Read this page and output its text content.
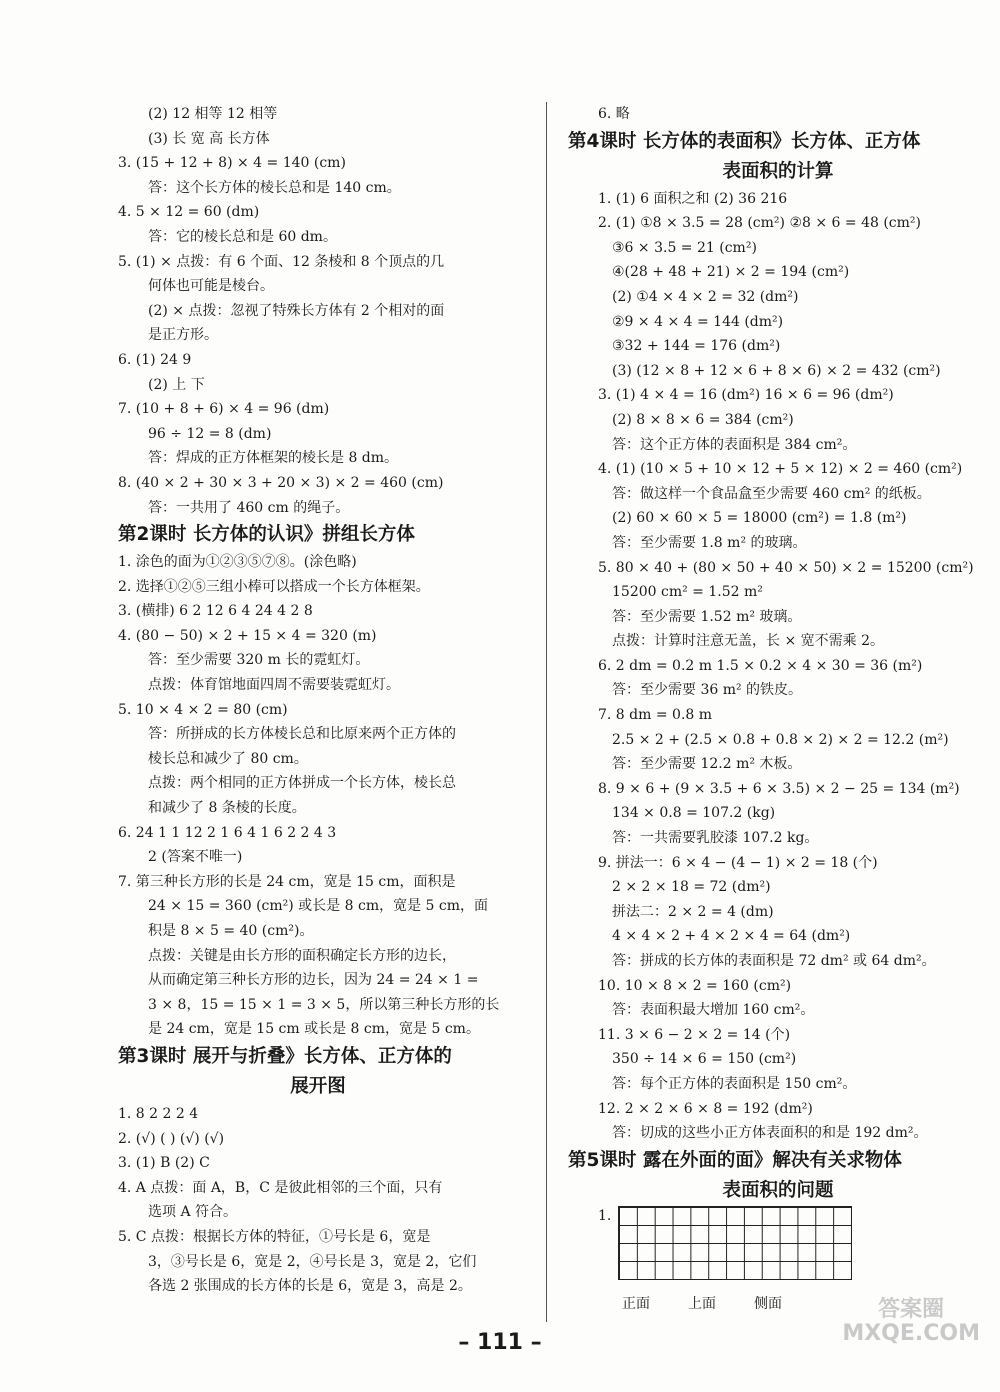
(2) 12 相等 12 相等
(3) 长 宽 高 长方体
3. (15 + 12 + 8) × 4 = 140 (cm)
答：这个长方体的棱长总和是 140 cm。
4. 5 × 12 = 60 (dm)
答：它的棱长总和是 60 dm。
5. (1) × 点拨：有 6 个面、12 条棱和 8 个顶点的几
何体也可能是棱台。
(2) × 点拨：忽视了特殊长方体有 2 个相对的面
是正方形。
6. (1) 24 9
(2) 上 下
7. (10 + 8 + 6) × 4 = 96 (dm)
96 ÷ 12 = 8 (dm)
答：焊成的正方体框架的棱长是 8 dm。
8. (40 × 2 + 30 × 3 + 20 × 3) × 2 = 460 (cm)
答：一共用了 460 cm 的绳子。
第2课时 长方体的认识》拼组长方体
1. 涂色的面为①②③⑤⑦⑧。(涂色略)
2. 选择①②⑤三组小棒可以搭成一个长方体框架。
3. (横排) 6 2 12 6 4 24 4 2 8
4. (80 − 50) × 2 + 15 × 4 = 320 (m)
答：至少需要 320 m 长的霓虹灯。
点拨：体育馆地面四周不需要装霓虹灯。
5. 10 × 4 × 2 = 80 (cm)
答：所拼成的长方体棱长总和比原来两个正方体的
棱长总和减少了 80 cm。
点拨：两个相同的正方体拼成一个长方体，棱长总
和减少了 8 条棱的长度。
6. 24 1 1 12 2 1 6 4 1 6 2 2 4 3
2 (答案不唯一)
7. 第三种长方形的长是 24 cm，宽是 15 cm，面积是
24 × 15 = 360 (cm²) 或长是 8 cm，宽是 5 cm，面
积是 8 × 5 = 40 (cm²)。
点拨：关键是由长方形的面积确定长方形的边长，
从而确定第三种长方形的边长，因为 24 = 24 × 1 =
3 × 8，15 = 15 × 1 = 3 × 5，所以第三种长方形的长
是 24 cm，宽是 15 cm 或长是 8 cm，宽是 5 cm。
第3课时 展开与折叠》长方体、正方体的
展开图
1. 8 2 2 2 4
2. (√) ( ) (√) (√)
3. (1) B (2) C
4. A 点拨：面 A，B，C 是彼此相邻的三个面，只有
选项 A 符合。
5. C 点拨：根据长方体的特征，①号长是 6，宽是
3，③号长是 6，宽是 2，④号长是 3，宽是 2，它们
各选 2 张围成的长方体的长是 6，宽是 3，高是 2。
6. 略
第4课时 长方体的表面积》长方体、正方体
表面积的计算
1. (1) 6 面积之和 (2) 36 216
2. (1) ①8 × 3.5 = 28 (cm²) ②8 × 6 = 48 (cm²)
③6 × 3.5 = 21 (cm²)
④(28 + 48 + 21) × 2 = 194 (cm²)
(2) ①4 × 4 × 2 = 32 (dm²)
②9 × 4 × 4 = 144 (dm²)
③32 + 144 = 176 (dm²)
(3) (12 × 8 + 12 × 6 + 8 × 6) × 2 = 432 (cm²)
3. (1) 4 × 4 = 16 (dm²) 16 × 6 = 96 (dm²)
(2) 8 × 8 × 6 = 384 (cm²)
答：这个正方体的表面积是 384 cm²。
4. (1) (10 × 5 + 10 × 12 + 5 × 12) × 2 = 460 (cm²)
答：做这样一个食品盒至少需要 460 cm² 的纸板。
(2) 60 × 60 × 5 = 18000 (cm²) = 1.8 (m²)
答：至少需要 1.8 m² 的玻璃。
5. 80 × 40 + (80 × 50 + 40 × 50) × 2 = 15200 (cm²)
15200 cm² = 1.52 m²
答：至少需要 1.52 m² 玻璃。
点拨：计算时注意无盖，长 × 宽不需乘 2。
6. 2 dm = 0.2 m 1.5 × 0.2 × 4 × 30 = 36 (m²)
答：至少需要 36 m² 的铁皮。
7. 8 dm = 0.8 m
2.5 × 2 + (2.5 × 0.8 + 0.8 × 2) × 2 = 12.2 (m²)
答：至少需要 12.2 m² 木板。
8. 9 × 6 + (9 × 3.5 + 6 × 3.5) × 2 − 25 = 134 (m²)
134 × 0.8 = 107.2 (kg)
答：一共需要乳胶漆 107.2 kg。
9. 拼法一：6 × 4 − (4 − 1) × 2 = 18 (个)
2 × 2 × 18 = 72 (dm²)
拼法二：2 × 2 = 4 (dm)
4 × 4 × 2 + 4 × 2 × 4 = 64 (dm²)
答：拼成的长方体的表面积是 72 dm² 或 64 dm²。
10. 10 × 8 × 2 = 160 (cm²)
答：表面积最大增加 160 cm²。
11. 3 × 6 − 2 × 2 = 14 (个)
350 ÷ 14 × 6 = 150 (cm²)
答：每个正方体的表面积是 150 cm²。
12. 2 × 2 × 6 × 8 = 192 (dm²)
答：切成的这些小正方体表面积的和是 192 dm²。
第5课时 露在外面的面》解决有关求物体
表面积的问题
1.
正面	上面	侧面
– 111 –
答案圈
MXQE.COM
